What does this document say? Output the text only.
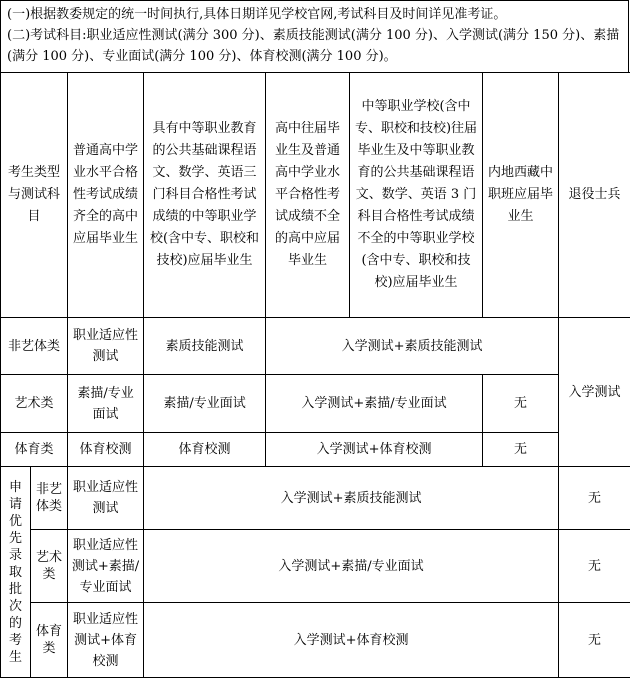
(一)根据教委规定的统一时间执行,具体日期详见学校官网,考试科目及时间详见准考证。
(二)考试科目:职业适应性测试(满分 300 分)、素质技能测试(满分 100 分)、入学测试(满分 150 分)、素描(满分 100 分)、专业面试(满分 100 分)、体育校测(满分 100 分)。
考生类型与测试科目		普通高中学业水平合格性考试成绩齐全的高中应届毕业生	具有中等职业教育的公共基础课程语文、数学、英语三门科目合格性考试成绩的中等职业学校(含中专、职校和技校)应届毕业生	高中往届毕业生及普通高中学业水平合格性考试成绩不全的高中应届毕业生	中等职业学校(含中专、职校和技校)往届毕业生及中等职业教育的公共基础课程语文、数学、英语 3 门科目合格性考试成绩不全的中等职业学校(含中专、职校和技校)应届毕业生	内地西藏中职班应届毕业生	退役士兵
非艺体类		职业适应性测试	素质技能测试	入学测试+素质技能测试			入学测试
艺术类		素描/专业面试	素描/专业面试	入学测试+素描/专业面试		无	
体育类		体育校测	体育校测	入学测试+体育校测		无	
申请优先录取批次的考生	非艺体类	职业适应性测试	入学测试+素质技能测试				无
	艺术类	职业适应性测试+素描/专业面试	入学测试+素描/专业面试				无
	体育类	职业适应性测试+体育校测	入学测试+体育校测				无
